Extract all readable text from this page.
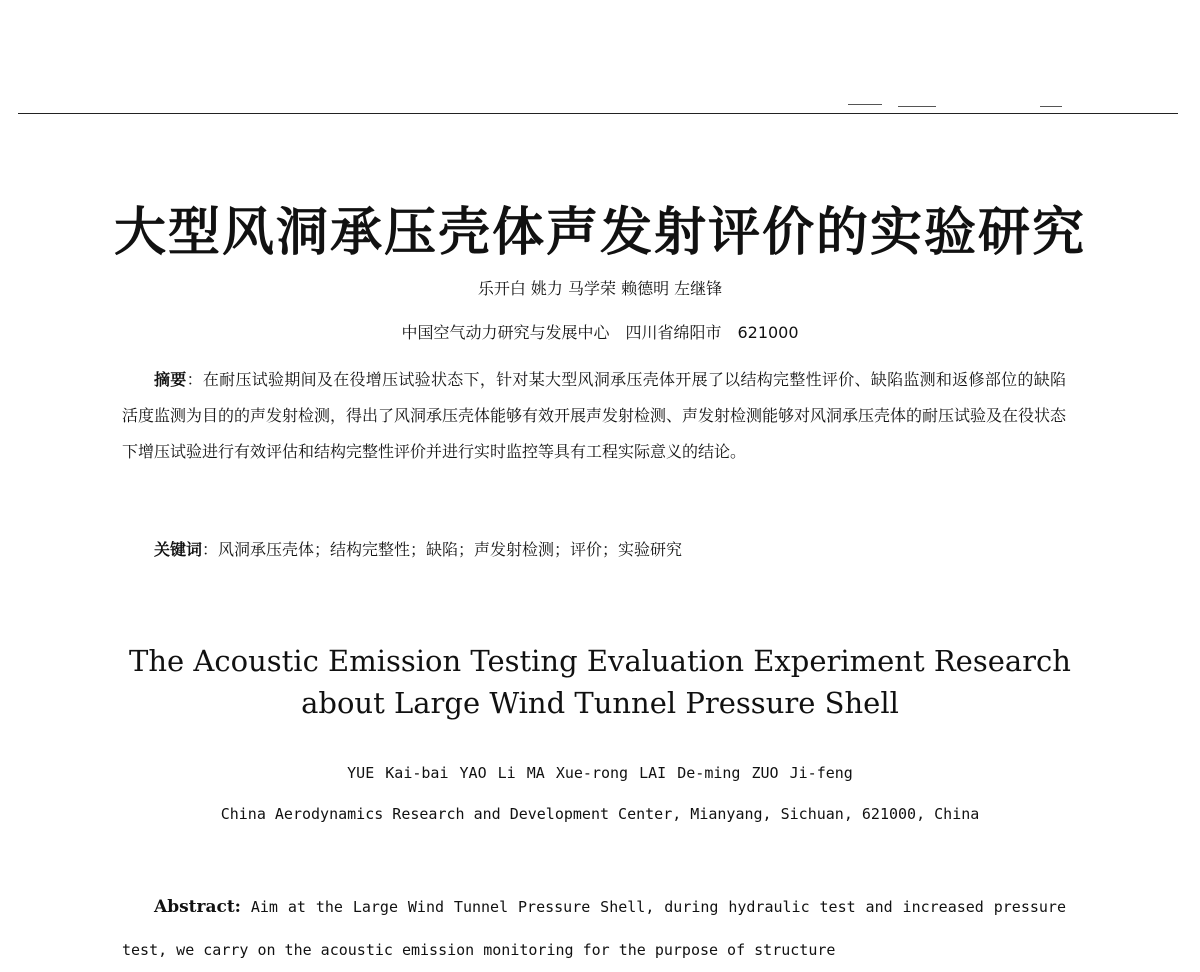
大型风洞承压壳体声发射评价的实验研究
乐开白 姚力 马学荣 赖德明 左继锋
中国空气动力研究与发展中心　四川省绵阳市　621000
摘要：在耐压试验期间及在役增压试验状态下，针对某大型风洞承压壳体开展了以结构完整性评价、缺陷监测和返修部位的缺陷活度监测为目的的声发射检测，得出了风洞承压壳体能够有效开展声发射检测、声发射检测能够对风洞承压壳体的耐压试验及在役状态下增压试验进行有效评估和结构完整性评价并进行实时监控等具有工程实际意义的结论。
关键词：风洞承压壳体；结构完整性；缺陷；声发射检测；评价；实验研究
The Acoustic Emission Testing Evaluation Experiment Research
about Large Wind Tunnel Pressure Shell
YUE Kai-bai YAO Li MA Xue-rong LAI De-ming ZUO Ji-feng
China Aerodynamics Research and Development Center, Mianyang, Sichuan, 621000, China
Abstract: Aim at the Large Wind Tunnel Pressure Shell, during hydraulic test and increased pressure test, we carry on the acoustic emission monitoring for the purpose of structure
